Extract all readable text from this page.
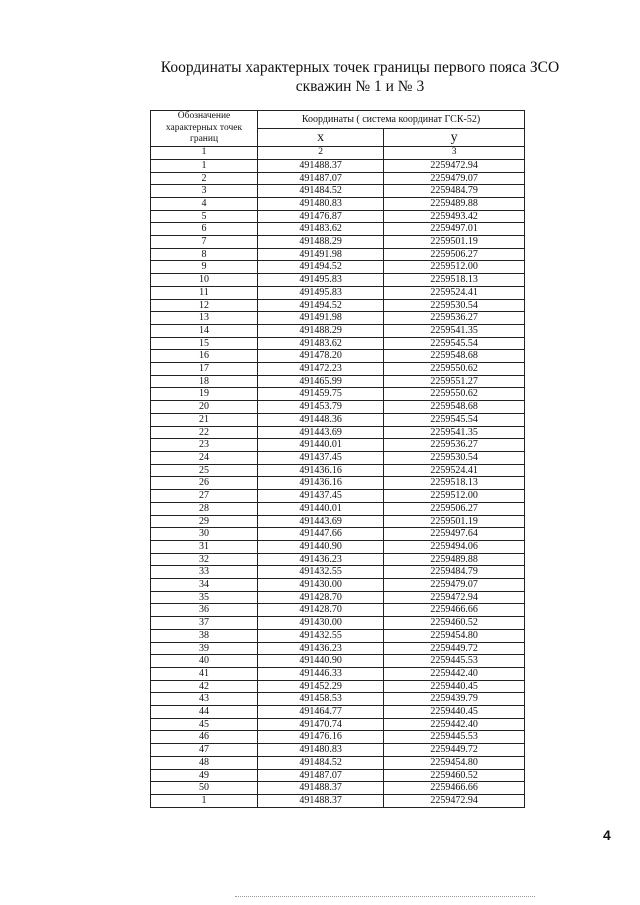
Координаты характерных точек границы первого пояса ЗСО
скважин № 1 и № 3
Обозначение характерных точек границ	Координаты ( система координат ГСК-52)	
	x	y
1	2	3
1	491488.37	2259472.94
2	491487.07	2259479.07
3	491484.52	2259484.79
4	491480.83	2259489.88
5	491476.87	2259493.42
6	491483.62	2259497.01
7	491488.29	2259501.19
8	491491.98	2259506.27
9	491494.52	2259512.00
10	491495.83	2259518.13
11	491495.83	2259524.41
12	491494.52	2259530.54
13	491491.98	2259536.27
14	491488.29	2259541.35
15	491483.62	2259545.54
16	491478.20	2259548.68
17	491472.23	2259550.62
18	491465.99	2259551.27
19	491459.75	2259550.62
20	491453.79	2259548.68
21	491448.36	2259545.54
22	491443.69	2259541.35
23	491440.01	2259536.27
24	491437.45	2259530.54
25	491436.16	2259524.41
26	491436.16	2259518.13
27	491437.45	2259512.00
28	491440.01	2259506.27
29	491443.69	2259501.19
30	491447.66	2259497.64
31	491440.90	2259494.06
32	491436.23	2259489.88
33	491432.55	2259484.79
34	491430.00	2259479.07
35	491428.70	2259472.94
36	491428.70	2259466.66
37	491430.00	2259460.52
38	491432.55	2259454.80
39	491436.23	2259449.72
40	491440.90	2259445.53
41	491446.33	2259442.40
42	491452.29	2259440.45
43	491458.53	2259439.79
44	491464.77	2259440.45
45	491470.74	2259442.40
46	491476.16	2259445.53
47	491480.83	2259449.72
48	491484.52	2259454.80
49	491487.07	2259460.52
50	491488.37	2259466.66
1	491488.37	2259472.94
4
